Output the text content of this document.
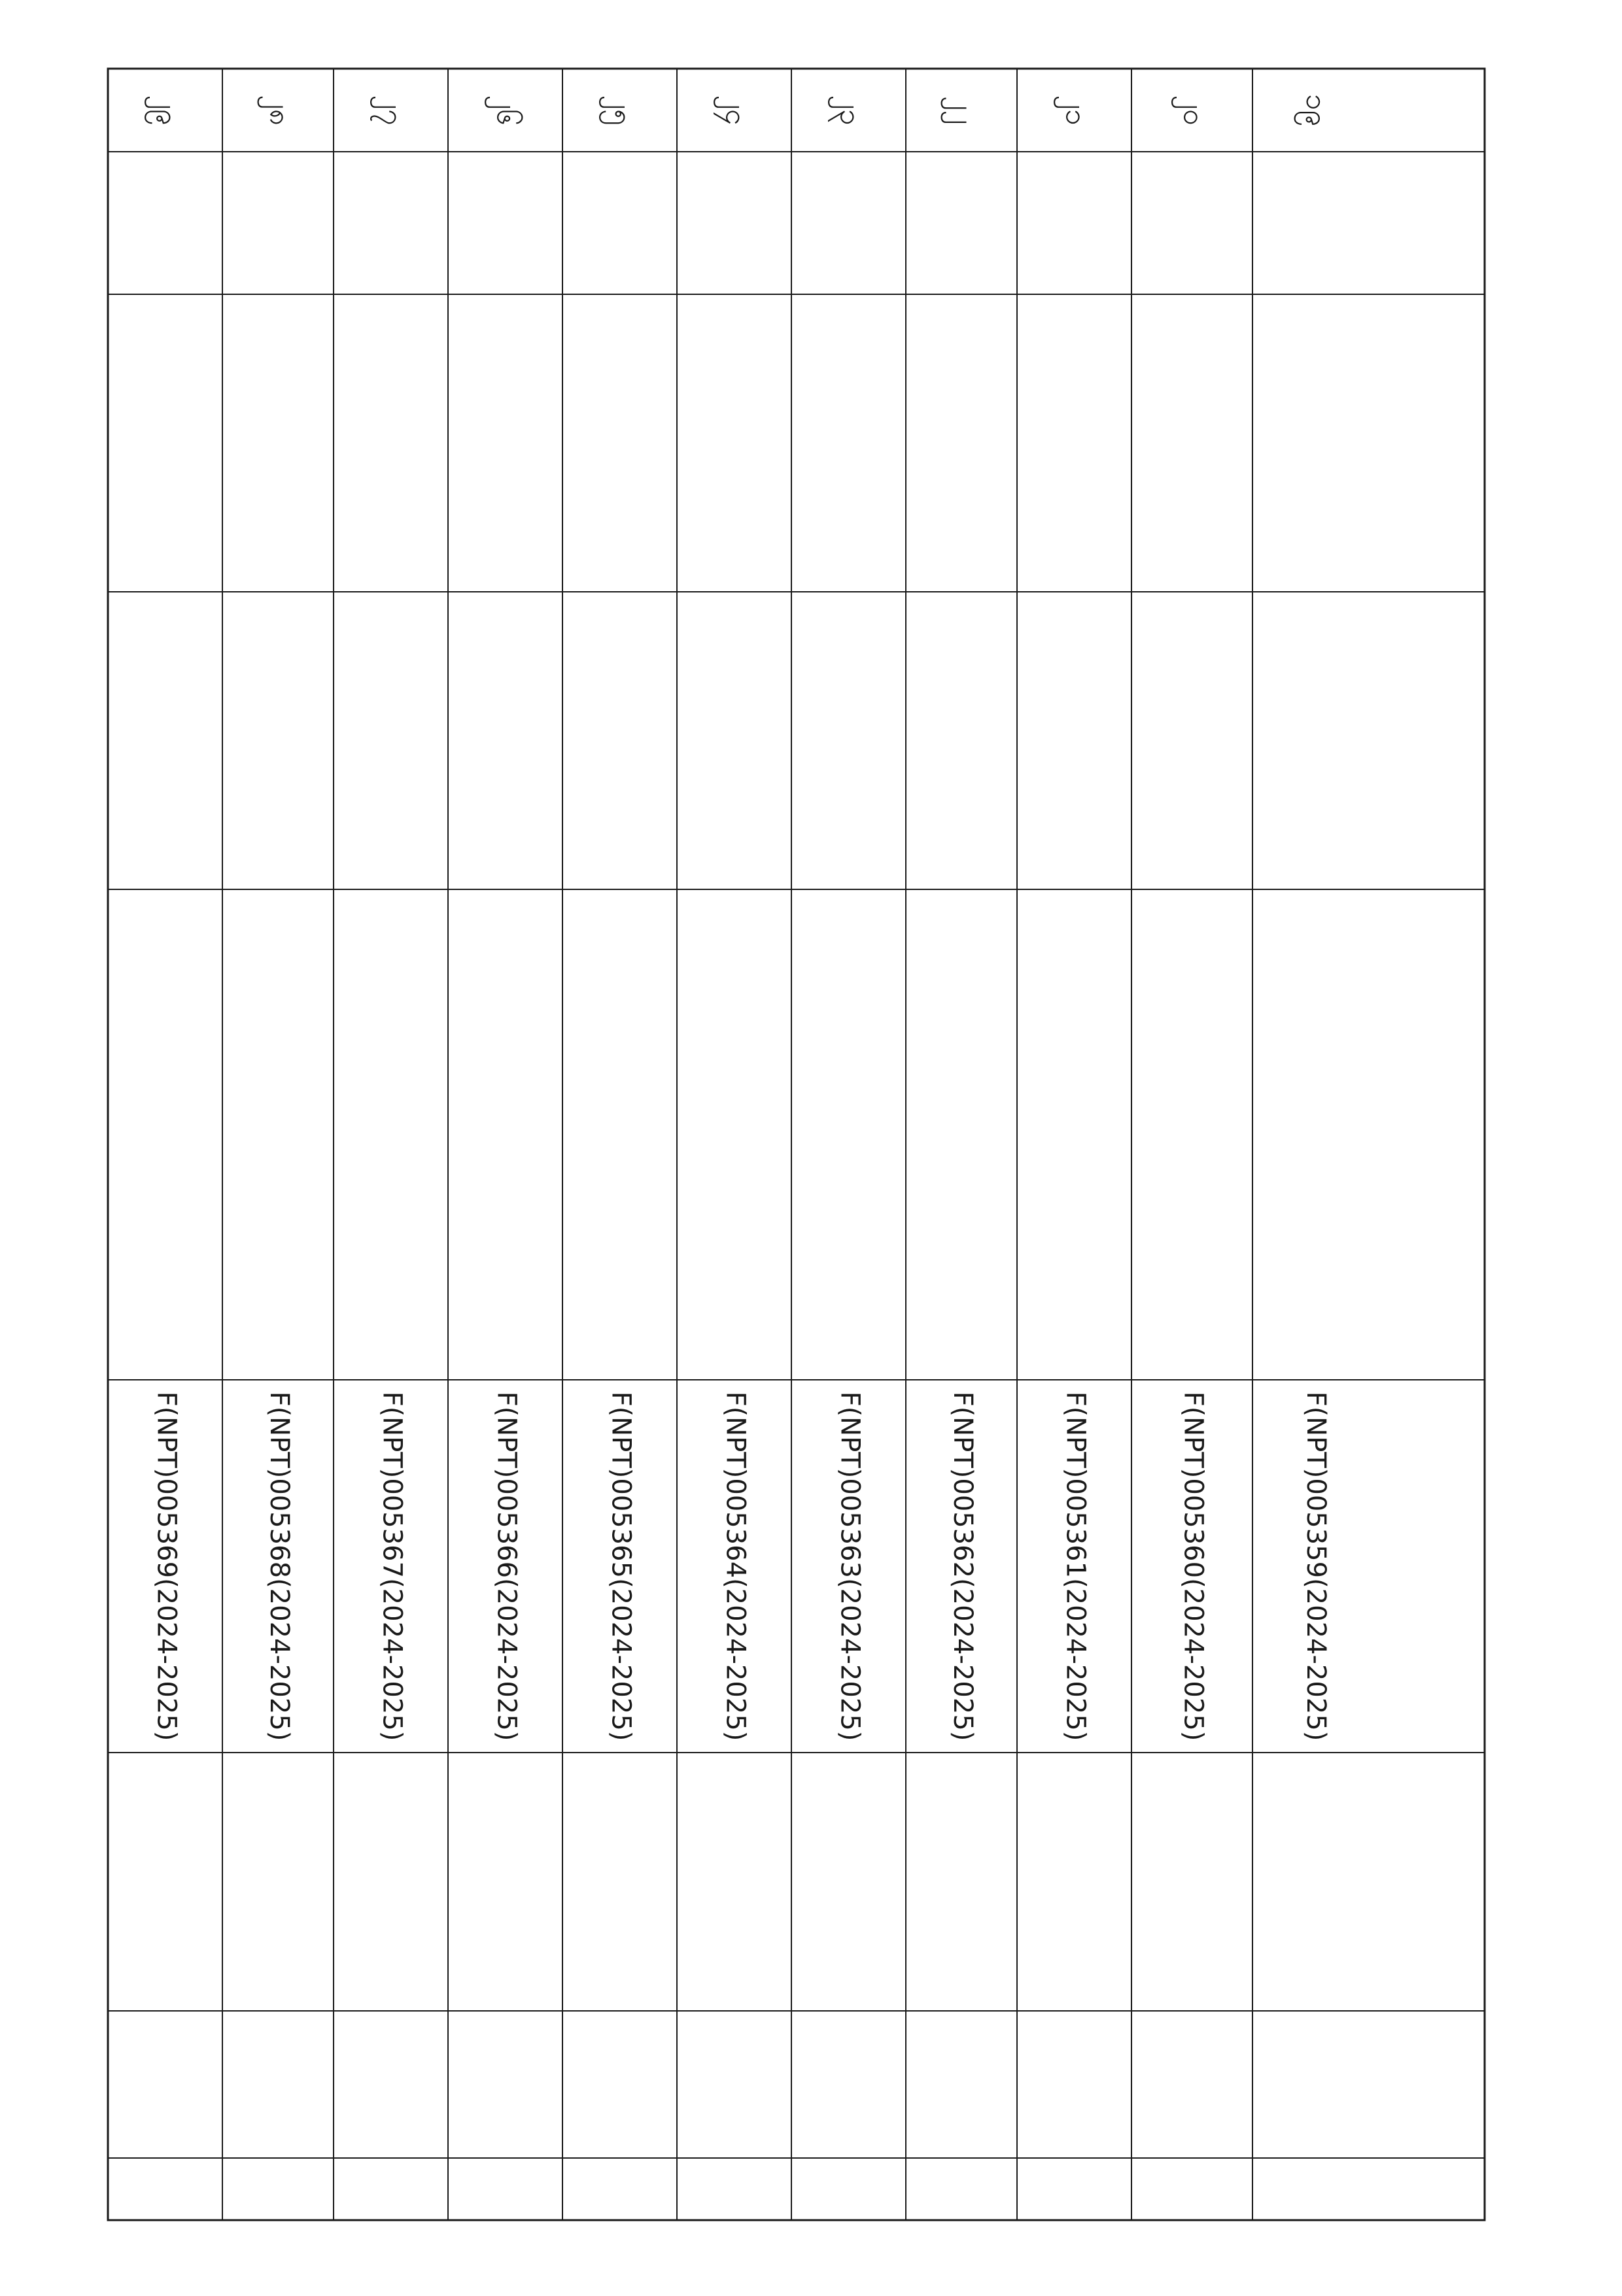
၁၉
F(NPT)005359(2024-2025)
၂၀
F(NPT)005360(2024-2025)
၂၁
F(NPT)005361(2024-2025)
၂၂
F(NPT)005362(2024-2025)
၂၃
F(NPT)005363(2024-2025)
၂၄
F(NPT)005364(2024-2025)
၂၅
F(NPT)005365(2024-2025)
၂၆
F(NPT)005366(2024-2025)
၂၇
F(NPT)005367(2024-2025)
၂၈
F(NPT)005368(2024-2025)
၂၉
F(NPT)005369(2024-2025)
